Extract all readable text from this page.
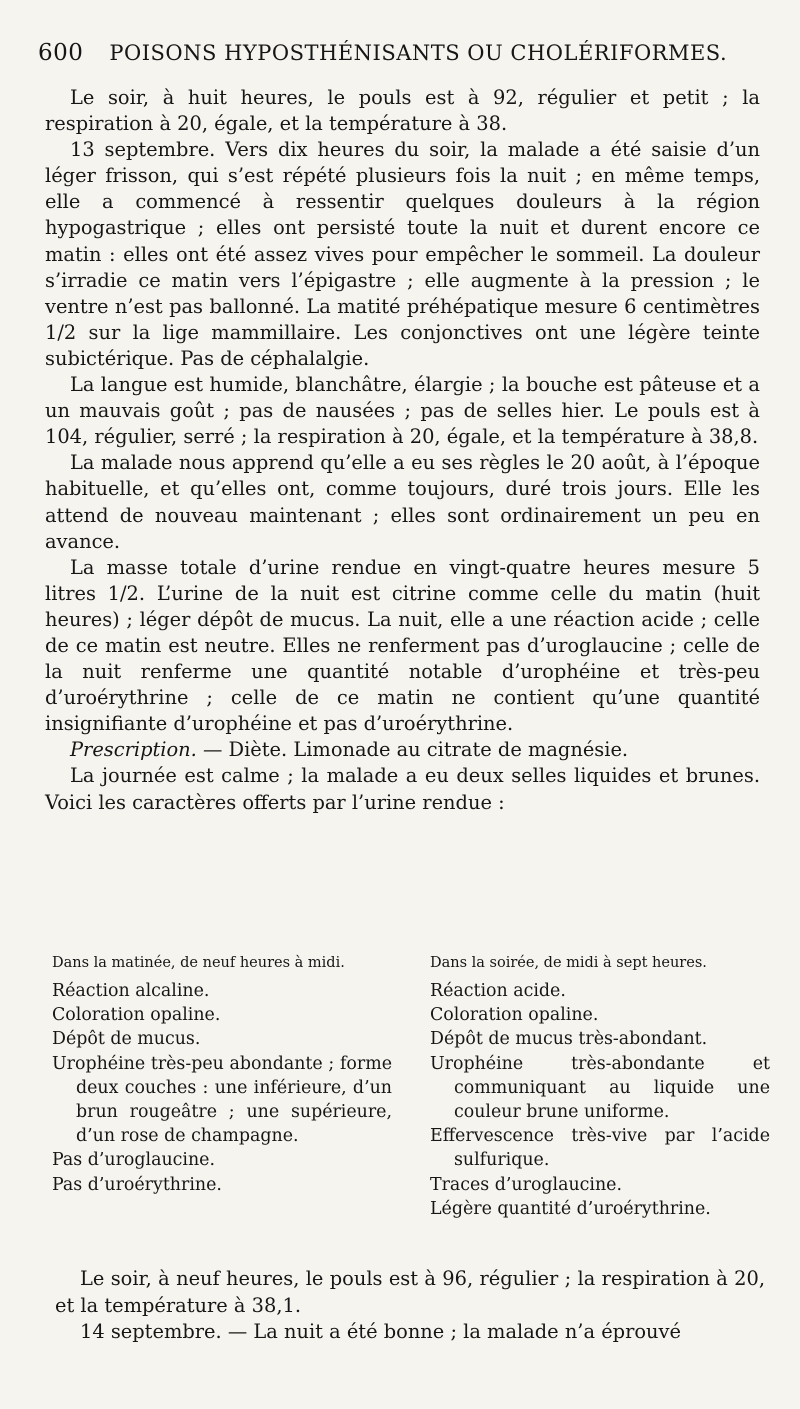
600 POISONS HYPOSTHÉNISANTS OU CHOLÉRIFORMES.

Le soir, à huit heures, le pouls est à 92, régulier et petit ; la respiration à 20, égale, et la température à 38.

13 septembre. Vers dix heures du soir, la malade a été saisie d’un léger frisson, qui s’est répété plusieurs fois la nuit ; en même temps, elle a commencé à ressentir quelques douleurs à la région hypogastrique ; elles ont persisté toute la nuit et durent encore ce matin : elles ont été assez vives pour empêcher le sommeil. La douleur s’irradie ce matin vers l’épigastre ; elle augmente à la pression ; le ventre n’est pas ballonné. La matité préhépatique mesure 6 centimètres 1/2 sur la lige mammillaire. Les conjonctives ont une légère teinte subictérique. Pas de céphalalgie.

La langue est humide, blanchâtre, élargie ; la bouche est pâteuse et a un mauvais goût ; pas de nausées ; pas de selles hier. Le pouls est à 104, régulier, serré ; la respiration à 20, égale, et la température à 38,8.

La malade nous apprend qu’elle a eu ses règles le 20 août, à l’époque habituelle, et qu’elles ont, comme toujours, duré trois jours. Elle les attend de nouveau maintenant ; elles sont ordinairement un peu en avance.

La masse totale d’urine rendue en vingt-quatre heures mesure 5 litres 1/2. L’urine de la nuit est citrine comme celle du matin (huit heures) ; léger dépôt de mucus. La nuit, elle a une réaction acide ; celle de ce matin est neutre. Elles ne renferment pas d’uroglaucine ; celle de la nuit renferme une quantité notable d’urophéine et très-peu d’uroérythrine ; celle de ce matin ne contient qu’une quantité insignifiante d’urophéine et pas d’uroérythrine.

Prescription. — Diète. Limonade au citrate de magnésie.

La journée est calme ; la malade a eu deux selles liquides et brunes. Voici les caractères offerts par l’urine rendue :

Dans la matinée, de neuf heures à midi.
Réaction alcaline.
Coloration opaline.
Dépôt de mucus.
Urophéine très-peu abondante ; forme deux couches : une inférieure, d’un brun rougeâtre ; une supérieure, d’un rose de champagne.
Pas d’uroglaucine.
Pas d’uroérythrine.
Dans la soirée, de midi à sept heures.
Réaction acide.
Coloration opaline.
Dépôt de mucus très-abondant.
Urophéine très-abondante et communiquant au liquide une couleur brune uniforme.
Effervescence très-vive par l’acide sulfurique.
Traces d’uroglaucine.
Légère quantité d’uroérythrine.

Le soir, à neuf heures, le pouls est à 96, régulier ; la respiration à 20, et la température à 38,1.

14 septembre. — La nuit a été bonne ; la malade n’a éprouvé
